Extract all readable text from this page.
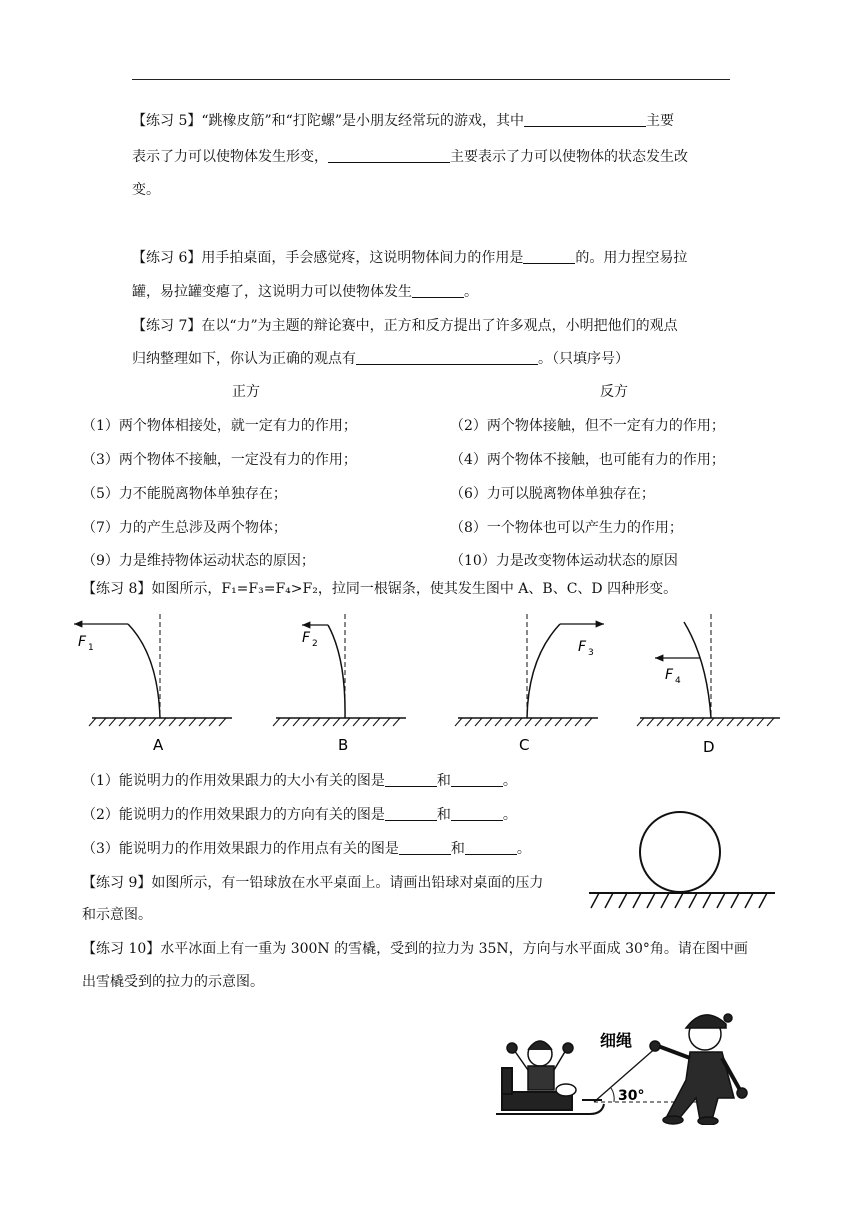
【练习 5】“跳橡皮筋”和“打陀螺”是小朋友经常玩的游戏，其中	主要
表示了力可以使物体发生形变，	主要表示了力可以使物体的状态发生改
变。
【练习 6】用手拍桌面，手会感觉疼，这说明物体间力的作用是	的。用力捏空易拉
罐，易拉罐变瘪了，这说明力可以使物体发生	。
【练习 7】在以“力”为主题的辩论赛中，正方和反方提出了许多观点，小明把他们的观点
归纳整理如下，你认为正确的观点有	。（只填序号）
正方	反方
（1）两个物体相接处，就一定有力的作用；	（2）两个物体接触，但不一定有力的作用；
（3）两个物体不接触，一定没有力的作用；	（4）两个物体不接触，也可能有力的作用；
（5）力不能脱离物体单独存在；	（6）力可以脱离物体单独存在；
（7）力的产生总涉及两个物体；	（8）一个物体也可以产生力的作用；
（9）力是维持物体运动状态的原因；	（10）力是改变物体运动状态的原因
【练习 8】如图所示，F₁=F₃=F₄>F₂，拉同一根锯条，使其发生图中 A、B、C、D 四种形变。
F 1
A
F 2
B
F 3
C
F 4
D
（1）能说明力的作用效果跟力的大小有关的图是	和	。
（2）能说明力的作用效果跟力的方向有关的图是	和	。
（3）能说明力的作用效果跟力的作用点有关的图是	和	。
【练习 9】如图所示，有一铅球放在水平桌面上。请画出铅球对桌面的压力
和示意图。
【练习 10】水平冰面上有一重为 300N 的雪橇，受到的拉力为 35N，方向与水平面成 30°角。请在图中画
出雪橇受到的拉力的示意图。
细绳
30°
